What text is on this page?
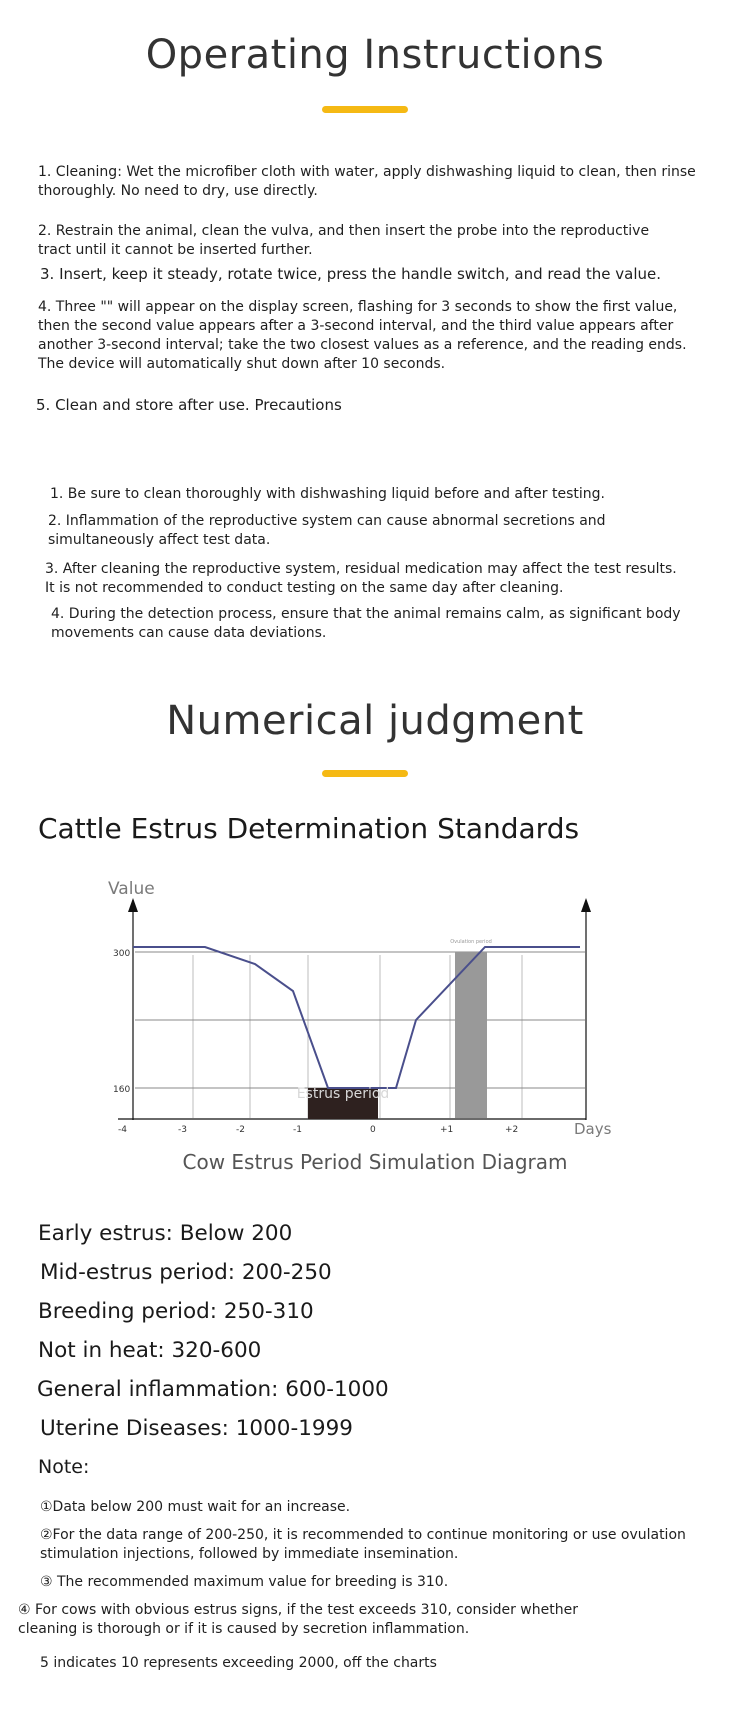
Operating Instructions
1. Cleaning: Wet the microfiber cloth with water, apply dishwashing liquid to clean, then rinse thoroughly. No need to dry, use directly.
2. Restrain the animal, clean the vulva, and then insert the probe into the reproductive tract until it cannot be inserted further.
3. Insert, keep it steady, rotate twice, press the handle switch, and read the value.
4. Three "" will appear on the display screen, flashing for 3 seconds to show the first value, then the second value appears after a 3-second interval, and the third value appears after another 3-second interval; take the two closest values as a reference, and the reading ends. The device will automatically shut down after 10 seconds.
5. Clean and store after use. Precautions
1. Be sure to clean thoroughly with dishwashing liquid before and after testing.
2. Inflammation of the reproductive system can cause abnormal secretions and simultaneously affect test data.
3. After cleaning the reproductive system, residual medication may affect the test results. It is not recommended to conduct testing on the same day after cleaning.
4. During the detection process, ensure that the animal remains calm, as significant body movements can cause data deviations.
Numerical judgment
Cattle Estrus Determination Standards
Value
300
160
-4	-3	-2	-1	0	+1	+2	Days
Estrus period
Ovulation period
Cow Estrus Period Simulation Diagram
Early estrus: Below 200
Mid-estrus period: 200-250
Breeding period: 250-310
Not in heat: 320-600
General inflammation: 600-1000
Uterine Diseases: 1000-1999
Note:
①Data below 200 must wait for an increase.
②For the data range of 200-250, it is recommended to continue monitoring or use ovulation stimulation injections, followed by immediate insemination.
③ The recommended maximum value for breeding is 310.
④ For cows with obvious estrus signs, if the test exceeds 310, consider whether cleaning is thorough or if it is caused by secretion inflammation.
5 indicates 10 represents exceeding 2000, off the charts
